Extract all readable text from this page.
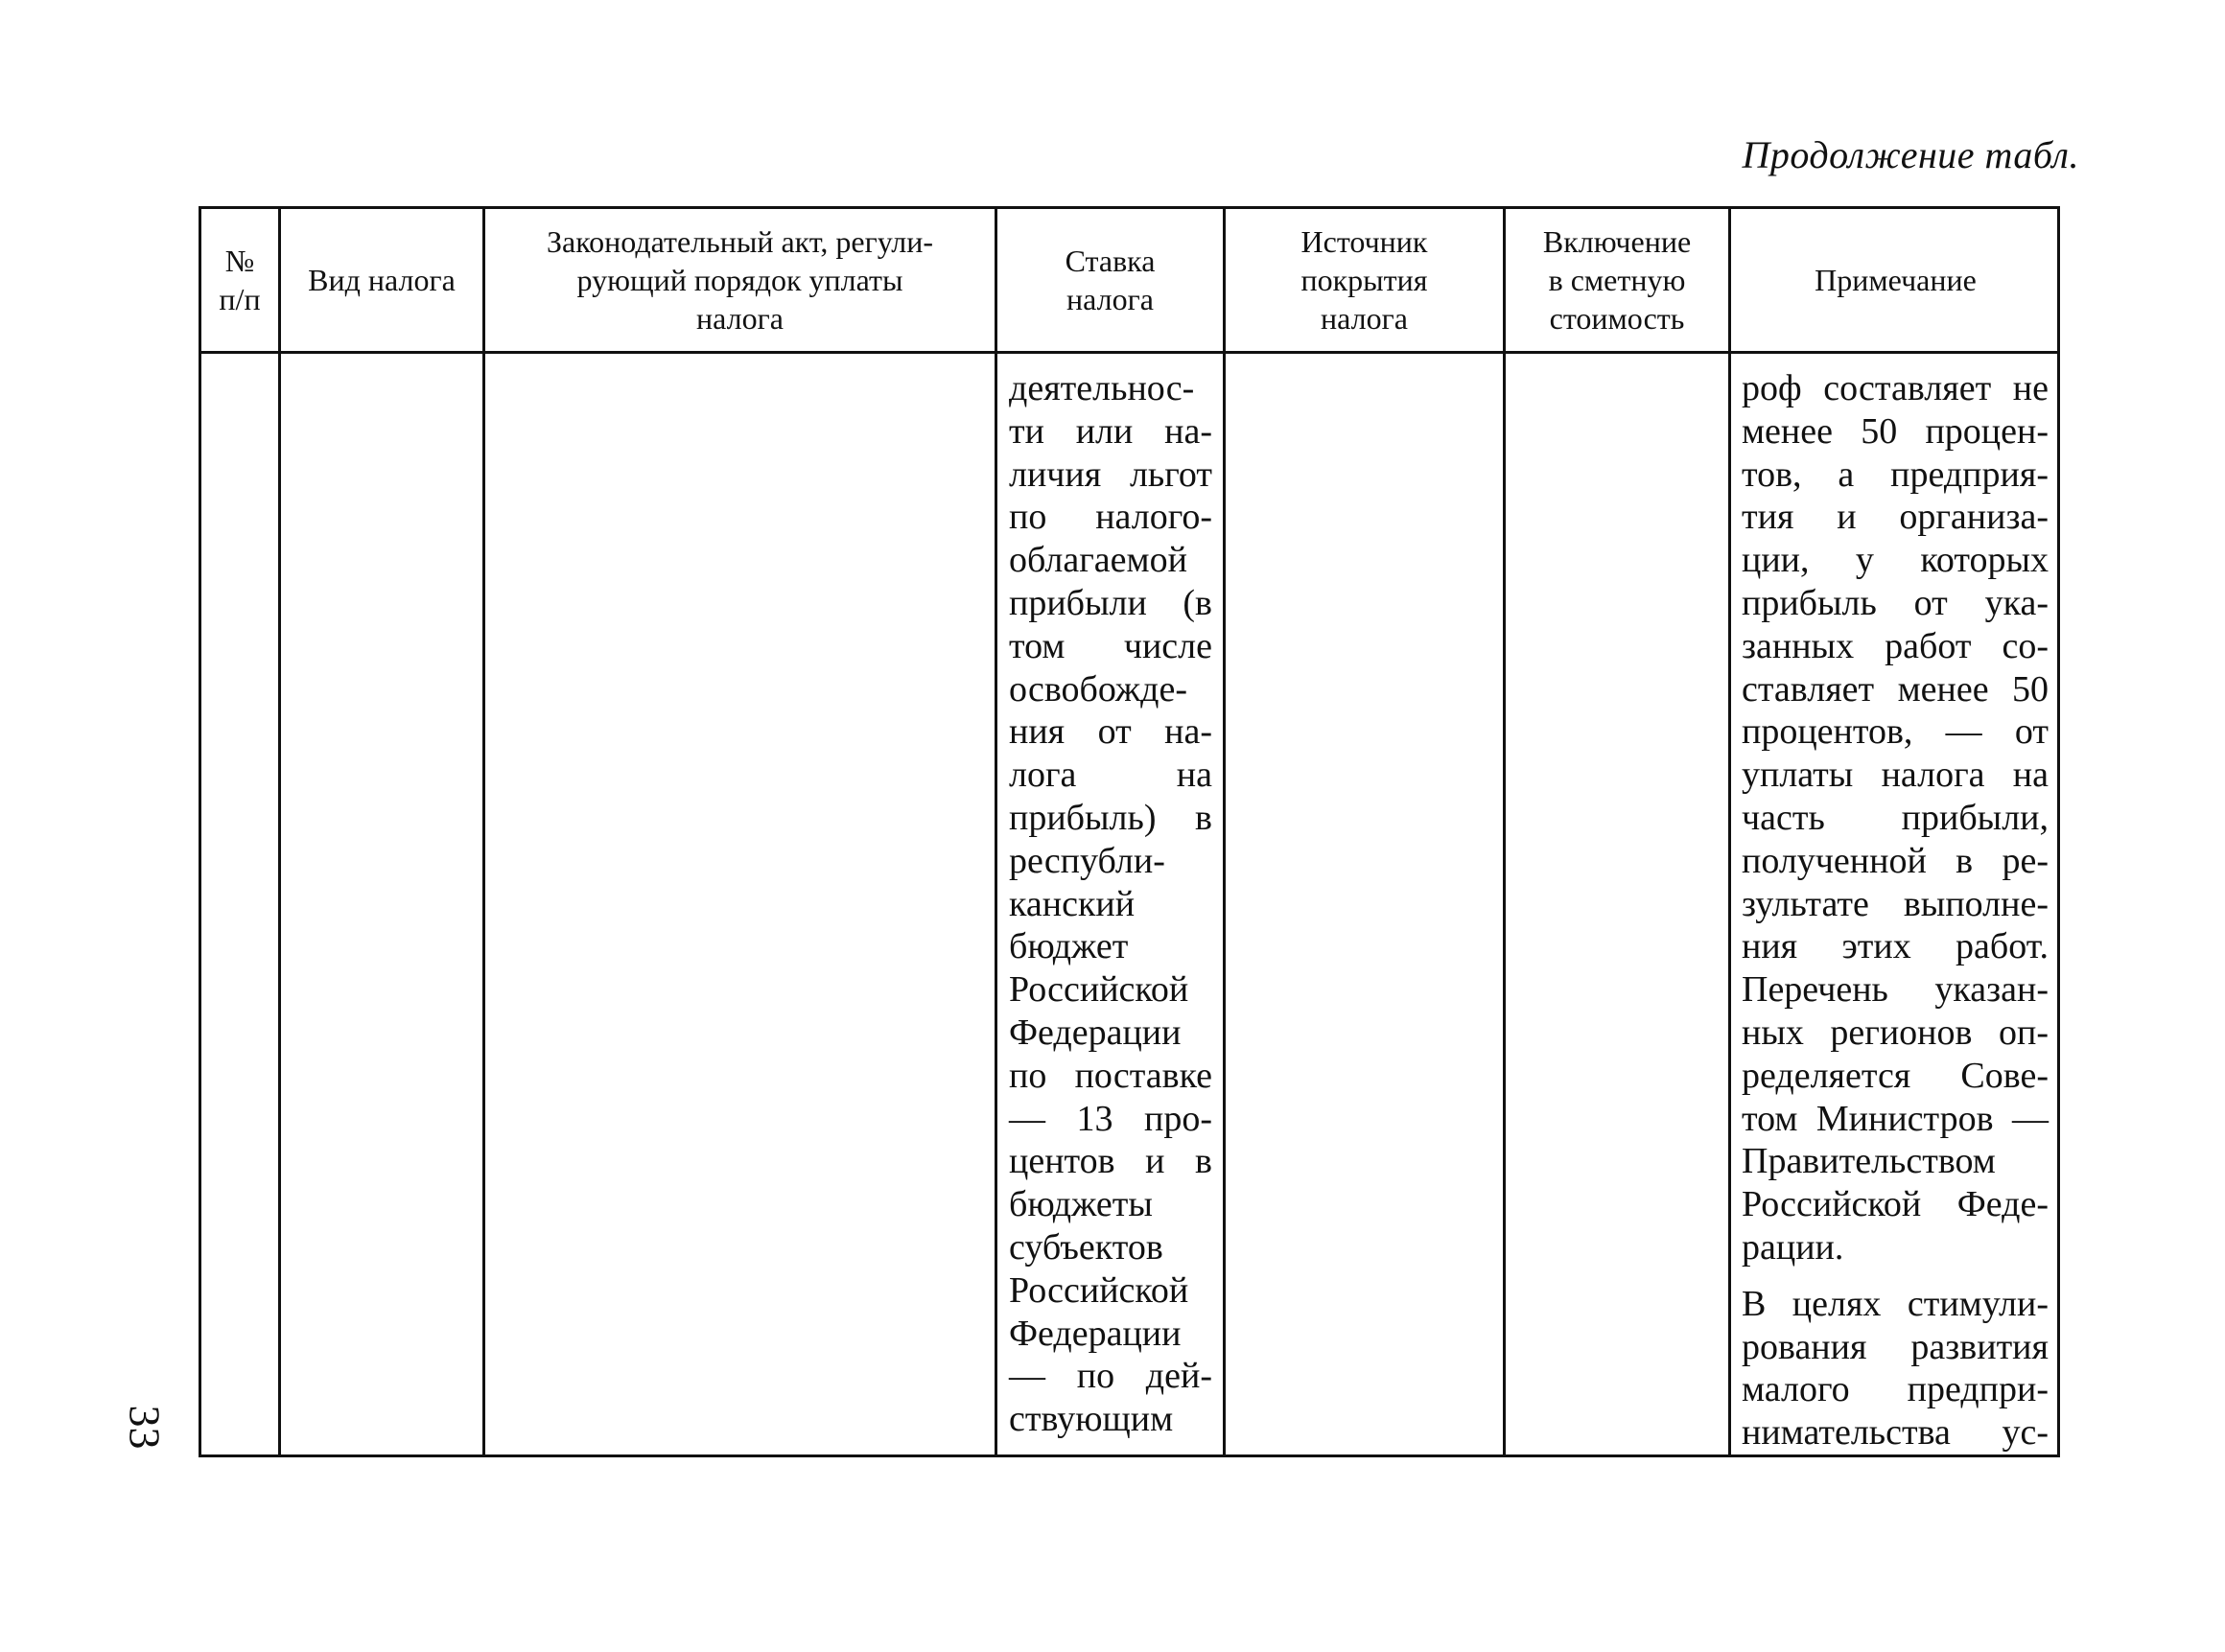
Продолжение табл.
33
№
п/п
Вид налога
Законодательный акт, регули-
рующий порядок уплаты
налога
Ставка
налога
Источник
покрытия
налога
Включение
в сметную
стоимость
Примечание
деятельнос-
ти или на-
личия льгот
по налого-
облагаемой
прибыли (в
том числе
освобожде-
ния от на-
лога на
прибыль) в
республи-
канский
бюджет
Российской
Федерации
по поставке
— 13 про-
центов и в
бюджеты
субъектов
Российской
Федерации
— по дей-
ствующим
роф составляет не
менее 50 процен-
тов, а предприя-
тия и организа-
ции, у которых
прибыль от ука-
занных работ со-
ставляет менее 50
процентов, — от
уплаты налога на
часть прибыли,
полученной в ре-
зультате выполне-
ния этих работ.
Перечень указан-
ных регионов оп-
ределяется Сове-
том Министров —
Правительством
Российской Феде-
рации.
В целях стимули-
рования развития
малого предпри-
нимательства ус-
